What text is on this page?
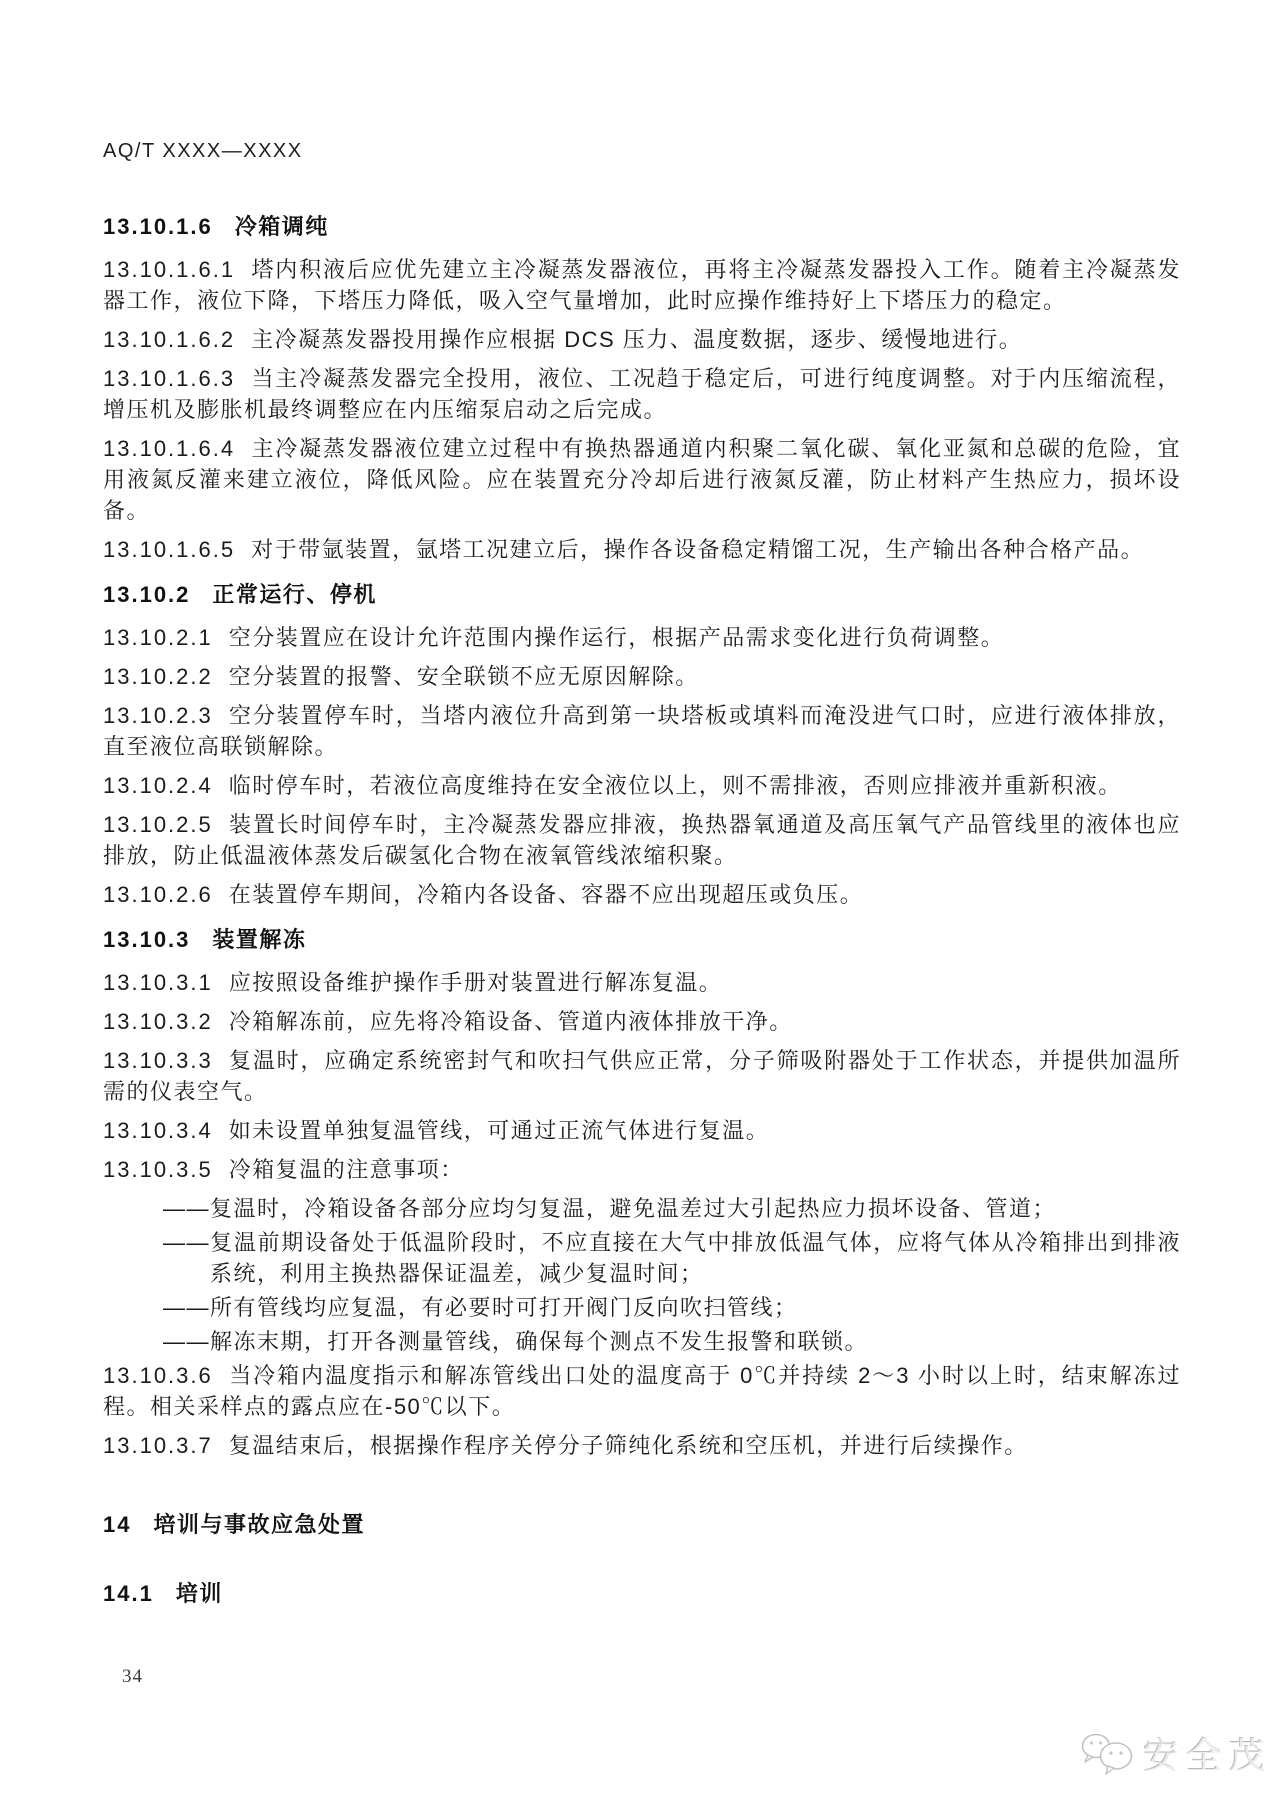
AQ/T XXXX—XXXX
13.10.1.6 冷箱调纯

13.10.1.6.1 塔内积液后应优先建立主冷凝蒸发器液位，再将主冷凝蒸发器投入工作。随着主冷凝蒸发器工作，液位下降，下塔压力降低，吸入空气量增加，此时应操作维持好上下塔压力的稳定。

13.10.1.6.2 主冷凝蒸发器投用操作应根据 DCS 压力、温度数据，逐步、缓慢地进行。

13.10.1.6.3 当主冷凝蒸发器完全投用，液位、工况趋于稳定后，可进行纯度调整。对于内压缩流程，增压机及膨胀机最终调整应在内压缩泵启动之后完成。

13.10.1.6.4 主冷凝蒸发器液位建立过程中有换热器通道内积聚二氧化碳、氧化亚氮和总碳的危险，宜用液氮反灌来建立液位，降低风险。应在装置充分冷却后进行液氮反灌，防止材料产生热应力，损坏设备。

13.10.1.6.5 对于带氩装置，氩塔工况建立后，操作各设备稳定精馏工况，生产输出各种合格产品。

13.10.2 正常运行、停机

13.10.2.1 空分装置应在设计允许范围内操作运行，根据产品需求变化进行负荷调整。

13.10.2.2 空分装置的报警、安全联锁不应无原因解除。

13.10.2.3 空分装置停车时，当塔内液位升高到第一块塔板或填料而淹没进气口时，应进行液体排放，直至液位高联锁解除。

13.10.2.4 临时停车时，若液位高度维持在安全液位以上，则不需排液，否则应排液并重新积液。

13.10.2.5 装置长时间停车时，主冷凝蒸发器应排液，换热器氧通道及高压氧气产品管线里的液体也应排放，防止低温液体蒸发后碳氢化合物在液氧管线浓缩积聚。

13.10.2.6 在装置停车期间，冷箱内各设备、容器不应出现超压或负压。

13.10.3 装置解冻

13.10.3.1 应按照设备维护操作手册对装置进行解冻复温。

13.10.3.2 冷箱解冻前，应先将冷箱设备、管道内液体排放干净。

13.10.3.3 复温时，应确定系统密封气和吹扫气供应正常，分子筛吸附器处于工作状态，并提供加温所需的仪表空气。

13.10.3.4 如未设置单独复温管线，可通过正流气体进行复温。

13.10.3.5 冷箱复温的注意事项：

——复温时，冷箱设备各部分应均匀复温，避免温差过大引起热应力损坏设备、管道；

——复温前期设备处于低温阶段时，不应直接在大气中排放低温气体，应将气体从冷箱排出到排液系统，利用主换热器保证温差，减少复温时间；

——所有管线均应复温，有必要时可打开阀门反向吹扫管线；

——解冻末期，打开各测量管线，确保每个测点不发生报警和联锁。

13.10.3.6 当冷箱内温度指示和解冻管线出口处的温度高于 0℃并持续 2～3 小时以上时，结束解冻过程。相关采样点的露点应在-50℃以下。

13.10.3.7 复温结束后，根据操作程序关停分子筛纯化系统和空压机，并进行后续操作。

14 培训与事故应急处置
14.1 培训
34
安全茂
